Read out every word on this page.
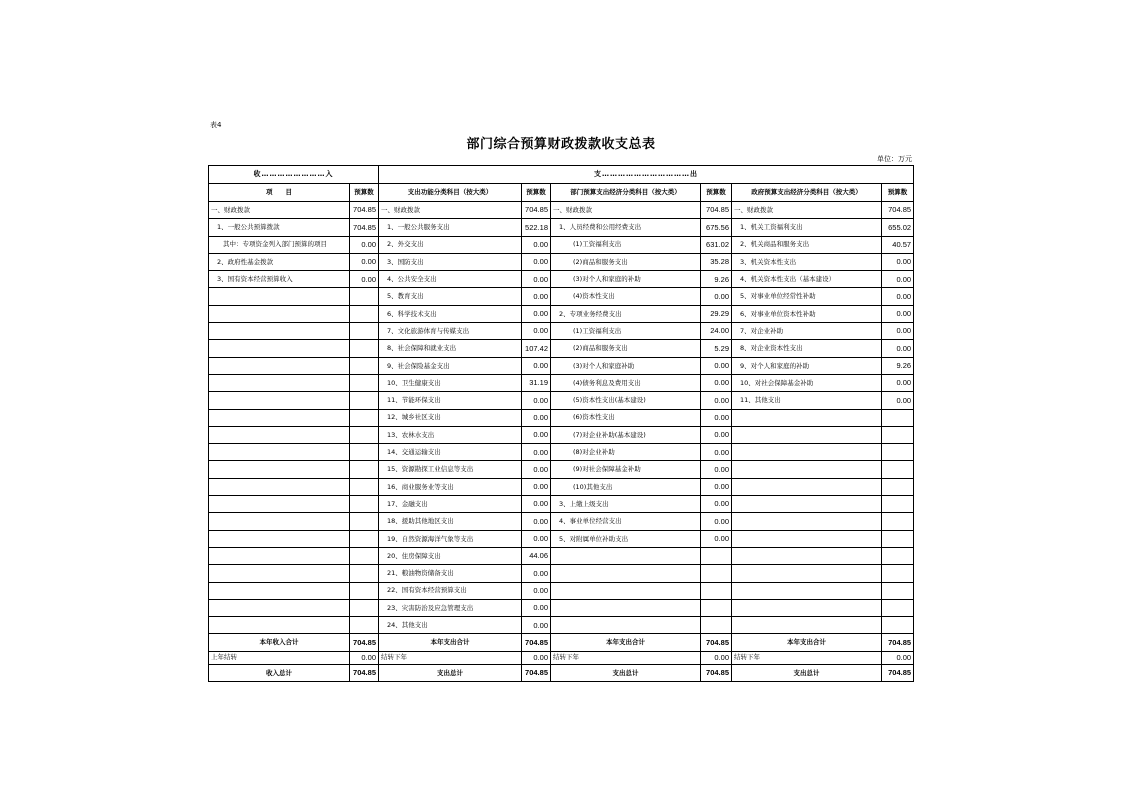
表4
部门综合预算财政拨款收支总表
单位：万元
收……………………入		支……………………………出					
项　　目	预算数	支出功能分类科目（按大类）	预算数	部门预算支出经济分类科目（按大类）	预算数	政府预算支出经济分类科目（按大类）	预算数
一、财政拨款	704.85	一、财政拨款	704.85	一、财政拨款	704.85	一、财政拨款	704.85
1、一般公共预算拨款	704.85	1、一般公共服务支出	522.18	1、人员经费和公用经费支出	675.56	1、机关工资福利支出	655.02
其中：专项资金列入部门预算的项目	0.00	2、外交支出	0.00	(1)工资福利支出	631.02	2、机关商品和服务支出	40.57
2、政府性基金拨款	0.00	3、国防支出	0.00	(2)商品和服务支出	35.28	3、机关资本性支出	0.00
3、国有资本经营预算收入	0.00	4、公共安全支出	0.00	(3)对个人和家庭的补助	9.26	4、机关资本性支出（基本建设）	0.00
		5、教育支出	0.00	(4)资本性支出	0.00	5、对事业单位经常性补助	0.00
		6、科学技术支出	0.00	2、专项业务经费支出	29.29	6、对事业单位资本性补助	0.00
		7、文化旅游体育与传媒支出	0.00	(1)工资福利支出	24.00	7、对企业补助	0.00
		8、社会保障和就业支出	107.42	(2)商品和服务支出	5.29	8、对企业资本性支出	0.00
		9、社会保险基金支出	0.00	(3)对个人和家庭补助	0.00	9、对个人和家庭的补助	9.26
		10、卫生健康支出	31.19	(4)债务利息及费用支出	0.00	10、对社会保障基金补助	0.00
		11、节能环保支出	0.00	(5)资本性支出(基本建设)	0.00	11、其他支出	0.00
		12、城乡社区支出	0.00	(6)资本性支出	0.00		
		13、农林水支出	0.00	(7)对企业补助(基本建设)	0.00		
		14、交通运输支出	0.00	(8)对企业补助	0.00		
		15、资源勘探工业信息等支出	0.00	(9)对社会保障基金补助	0.00		
		16、商业服务业等支出	0.00	(10)其他支出	0.00		
		17、金融支出	0.00	3、上缴上级支出	0.00		
		18、援助其他地区支出	0.00	4、事业单位经营支出	0.00		
		19、自然资源海洋气象等支出	0.00	5、对附属单位补助支出	0.00		
		20、住房保障支出	44.06				
		21、粮油物资储备支出	0.00				
		22、国有资本经营预算支出	0.00				
		23、灾害防治及应急管理支出	0.00				
		24、其他支出	0.00				
本年收入合计	704.85	本年支出合计	704.85	本年支出合计	704.85	本年支出合计	704.85
上年结转	0.00	结转下年	0.00	结转下年	0.00	结转下年	0.00
收入总计	704.85	支出总计	704.85	支出总计	704.85	支出总计	704.85
